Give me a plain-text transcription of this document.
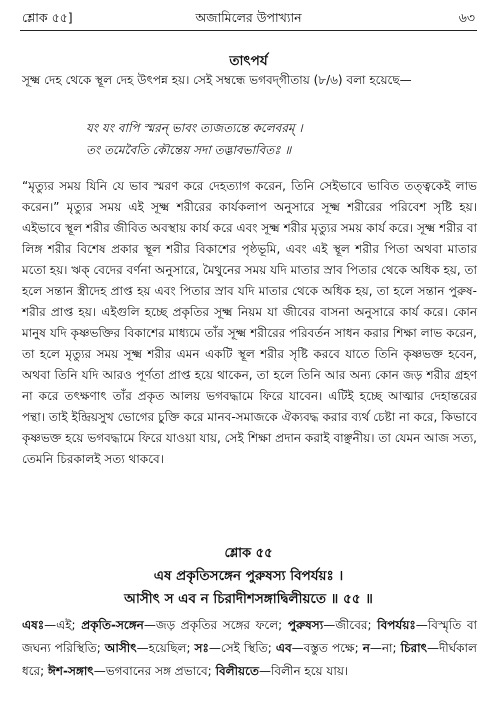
শ্লোক ৫৫]	অজামিলের উপাখ্যান	৬৩
তাৎপর্য

সূক্ষ্ম দেহ থেকে স্থূল দেহ উৎপন্ন হয়। সেই সম্বন্ধে ভগবদ্‌গীতায় (৮/৬) বলা হয়েছে—

যং যং বাপি স্মরন্ ভাবং ত্যজত্যন্তে কলেবরম্ ।

তং তমেবৈতি কৌন্তেয় সদা তদ্ভাবভাবিতঃ ॥

“মৃত্যুর সময় যিনি যে ভাব স্মরণ করে দেহত্যাগ করেন, তিনি সেইভাবে ভাবিত তত্ত্বকেই লাভ করেন।” মৃত্যুর সময় এই সূক্ষ্ম শরীরের কার্যকলাপ অনুসারে সূক্ষ্ম শরীরের পরিবেশ সৃষ্টি হয়। এইভাবে স্থূল শরীর জীবিত অবস্থায় কার্য করে এবং সূক্ষ্ম শরীর মৃত্যুর সময় কার্য করে। সূক্ষ্ম শরীর বা লিঙ্গ শরীর বিশেষ প্রকার স্থূল শরীর বিকাশের পৃষ্ঠভূমি, এবং এই স্থূল শরীর পিতা অথবা মাতার মতো হয়। ঋক্ বেদের বর্ণনা অনুসারে, মৈথুনের সময় যদি মাতার স্রাব পিতার থেকে অধিক হয়, তা হলে সন্তান স্ত্রীদেহ প্রাপ্ত হয় এবং পিতার স্রাব যদি মাতার থেকে অধিক হয়, তা হলে সন্তান পুরুষ-শরীর প্রাপ্ত হয়। এইগুলি হচ্ছে প্রকৃতির সূক্ষ্ম নিয়ম যা জীবের বাসনা অনুসারে কার্য করে। কোন মানুষ যদি কৃষ্ণভক্তির বিকাশের মাধ্যমে তাঁর সূক্ষ্ম শরীরের পরিবর্তন সাধন করার শিক্ষা লাভ করেন, তা হলে মৃত্যুর সময় সূক্ষ্ম শরীর এমন একটি স্থূল শরীর সৃষ্টি করবে যাতে তিনি কৃষ্ণভক্ত হবেন, অথবা তিনি যদি আরও পূর্ণতা প্রাপ্ত হয়ে থাকেন, তা হলে তিনি আর অন্য কোন জড় শরীর গ্রহণ না করে তৎক্ষণাৎ তাঁর প্রকৃত আলয় ভগবদ্ধামে ফিরে যাবেন। এটিই হচ্ছে আত্মার দেহান্তরের পন্থা। তাই ইন্দ্রিয়সুখ ভোগের চুক্তি করে মানব-সমাজকে ঐক্যবদ্ধ করার ব্যর্থ চেষ্টা না করে, কিভাবে কৃষ্ণভক্ত হয়ে ভগবদ্ধামে ফিরে যাওয়া যায়, সেই শিক্ষা প্রদান করাই বাঞ্ছনীয়। তা যেমন আজ সত্য, তেমনি চিরকালই সত্য থাকবে।

শ্লোক ৫৫
এষ প্রকৃতিসঙ্গেন পুরুষস্য বিপর্যয়ঃ ।
আসীৎ স এব ন চিরাদীশসঙ্গাদ্বিলীয়তে ॥ ৫৫ ॥

এষঃ—এই; প্রকৃতি-সঙ্গেন—জড় প্রকৃতির সঙ্গের ফলে; পুরুষস্য—জীবের; বিপর্যয়ঃ—বিস্মৃতি বা জঘন্য পরিস্থিতি; আসীৎ—হয়েছিল; সঃ—সেই স্থিতি; এব—বস্তুত পক্ষে; ন—না; চিরাৎ—দীর্ঘকাল ধরে; ঈশ-সঙ্গাৎ—ভগবানের সঙ্গ প্রভাবে; বিলীয়তে—বিলীন হয়ে যায়।
